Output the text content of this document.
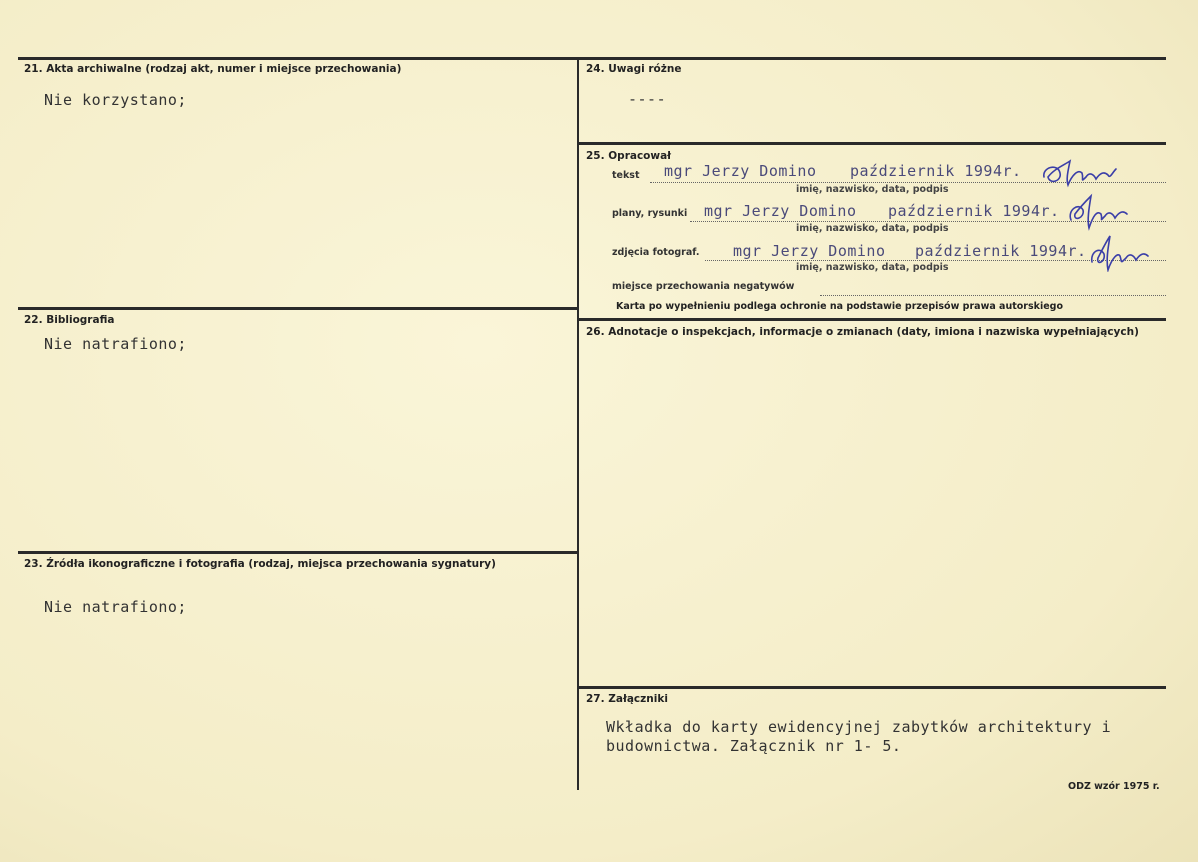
21. Akta archiwalne (rodzaj akt, numer i miejsce przechowania)
Nie korzystano;
22. Bibliografia
Nie natrafiono;
23. Źródła ikonograficzne i fotografia (rodzaj, miejsca przechowania sygnatury)
Nie natrafiono;
24. Uwagi różne
----
25. Opracował
tekst mgr Jerzy Domino październik 1994r.
imię, nazwisko, data, podpis
plany, rysunki mgr Jerzy Domino październik 1994r.
imię, nazwisko, data, podpis
zdjęcia fotograf. mgr Jerzy Domino październik 1994r.
imię, nazwisko, data, podpis
miejsce przechowania negatywów
Karta po wypełnieniu podlega ochronie na podstawie przepisów prawa autorskiego
26. Adnotacje o inspekcjach, informacje o zmianach (daty, imiona i nazwiska wypełniających)
27. Załączniki
Wkładka do karty ewidencyjnej zabytków architektury i
budownictwa. Załącznik nr 1- 5.
ODZ wzór 1975 r.
